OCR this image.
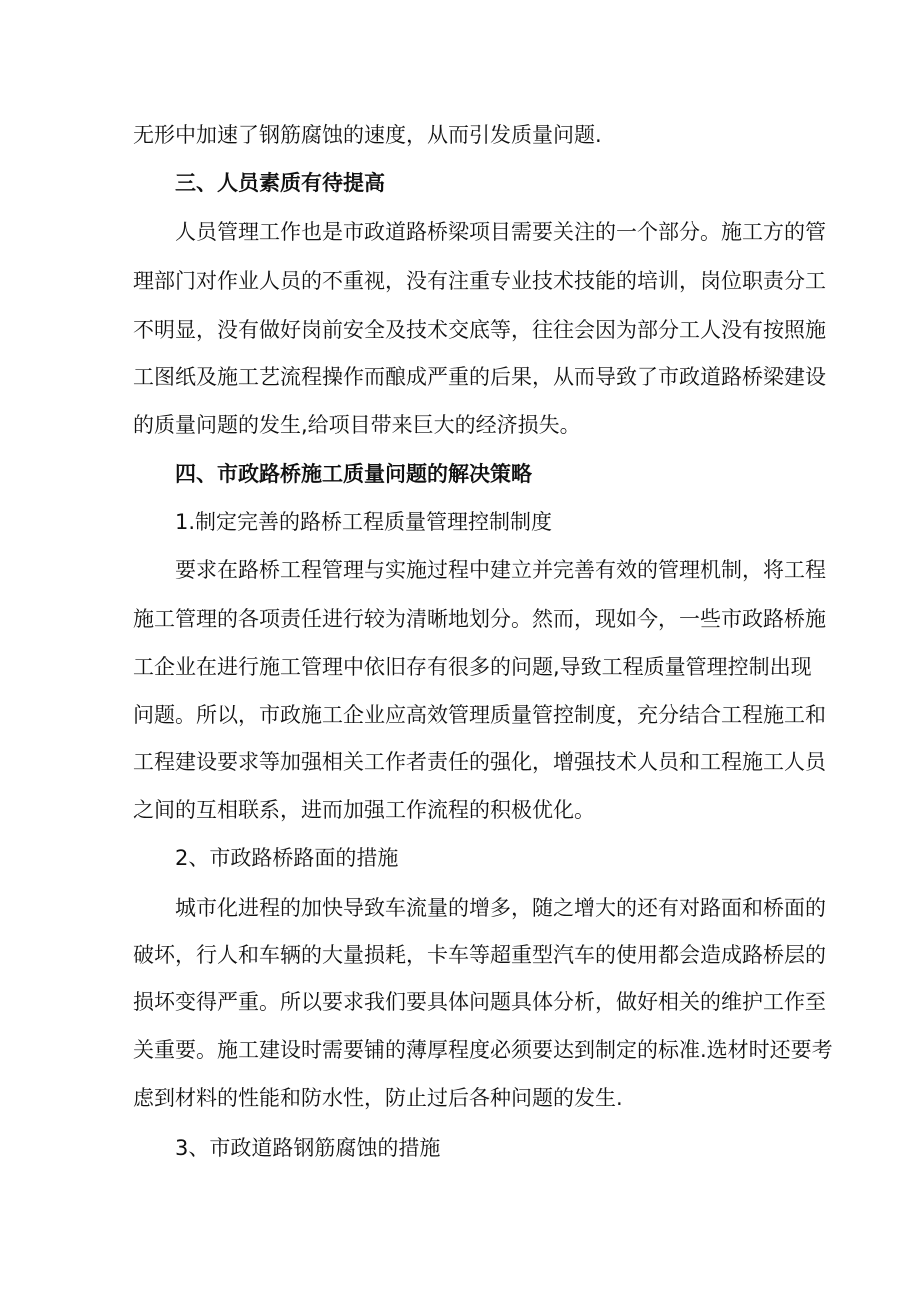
无形中加速了钢筋腐蚀的速度，从而引发质量问题.
三、人员素质有待提高
人员管理工作也是市政道路桥梁项目需要关注的一个部分。施工方的管
理部门对作业人员的不重视，没有注重专业技术技能的培训，岗位职责分工
不明显，没有做好岗前安全及技术交底等，往往会因为部分工人没有按照施
工图纸及施工艺流程操作而酿成严重的后果，从而导致了市政道路桥梁建设
的质量问题的发生,给项目带来巨大的经济损失。
四、市政路桥施工质量问题的解决策略
1.制定完善的路桥工程质量管理控制制度
要求在路桥工程管理与实施过程中建立并完善有效的管理机制，将工程
施工管理的各项责任进行较为清晰地划分。然而，现如今，一些市政路桥施
工企业在进行施工管理中依旧存有很多的问题,导致工程质量管理控制出现
问题。所以，市政施工企业应高效管理质量管控制度，充分结合工程施工和
工程建设要求等加强相关工作者责任的强化，增强技术人员和工程施工人员
之间的互相联系，进而加强工作流程的积极优化。
2、市政路桥路面的措施
城市化进程的加快导致车流量的增多，随之增大的还有对路面和桥面的
破坏，行人和车辆的大量损耗，卡车等超重型汽车的使用都会造成路桥层的
损坏变得严重。所以要求我们要具体问题具体分析，做好相关的维护工作至
关重要。施工建设时需要铺的薄厚程度必须要达到制定的标准.选材时还要考
虑到材料的性能和防水性，防止过后各种问题的发生.
3、市政道路钢筋腐蚀的措施
